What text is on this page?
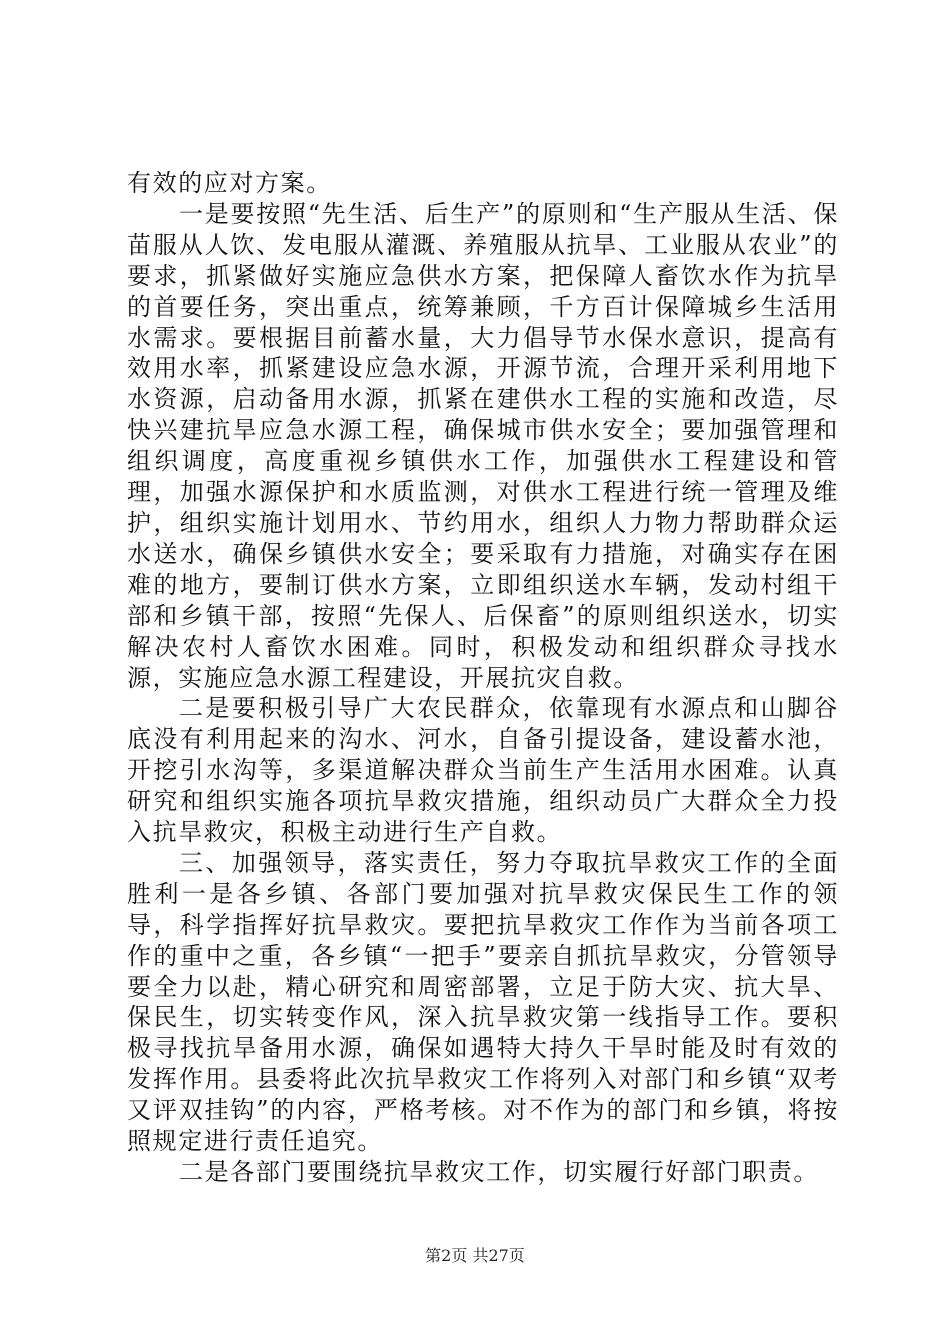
有效的应对方案。

一是要按照“先生活、后生产”的原则和“生产服从生活、保苗服从人饮、发电服从灌溉、养殖服从抗旱、工业服从农业”的要求，抓紧做好实施应急供水方案，把保障人畜饮水作为抗旱的首要任务，突出重点，统筹兼顾，千方百计保障城乡生活用水需求。要根据目前蓄水量，大力倡导节水保水意识，提高有效用水率，抓紧建设应急水源，开源节流，合理开采利用地下水资源，启动备用水源，抓紧在建供水工程的实施和改造，尽快兴建抗旱应急水源工程，确保城市供水安全；要加强管理和组织调度，高度重视乡镇供水工作，加强供水工程建设和管理，加强水源保护和水质监测，对供水工程进行统一管理及维护，组织实施计划用水、节约用水，组织人力物力帮助群众运水送水，确保乡镇供水安全；要采取有力措施，对确实存在困难的地方，要制订供水方案，立即组织送水车辆，发动村组干部和乡镇干部，按照“先保人、后保畜”的原则组织送水，切实解决农村人畜饮水困难。同时，积极发动和组织群众寻找水源，实施应急水源工程建设，开展抗灾自救。

二是要积极引导广大农民群众，依靠现有水源点和山脚谷底没有利用起来的沟水、河水，自备引提设备，建设蓄水池，开挖引水沟等，多渠道解决群众当前生产生活用水困难。认真研究和组织实施各项抗旱救灾措施，组织动员广大群众全力投入抗旱救灾，积极主动进行生产自救。

三、加强领导，落实责任，努力夺取抗旱救灾工作的全面胜利一是各乡镇、各部门要加强对抗旱救灾保民生工作的领导，科学指挥好抗旱救灾。要把抗旱救灾工作作为当前各项工作的重中之重，各乡镇“一把手”要亲自抓抗旱救灾，分管领导要全力以赴，精心研究和周密部署，立足于防大灾、抗大旱、保民生，切实转变作风，深入抗旱救灾第一线指导工作。要积极寻找抗旱备用水源，确保如遇特大持久干旱时能及时有效的发挥作用。县委将此次抗旱救灾工作将列入对部门和乡镇“双考又评双挂钩”的内容，严格考核。对不作为的部门和乡镇，将按照规定进行责任追究。

二是各部门要围绕抗旱救灾工作，切实履行好部门职责。

第2页 共27页
